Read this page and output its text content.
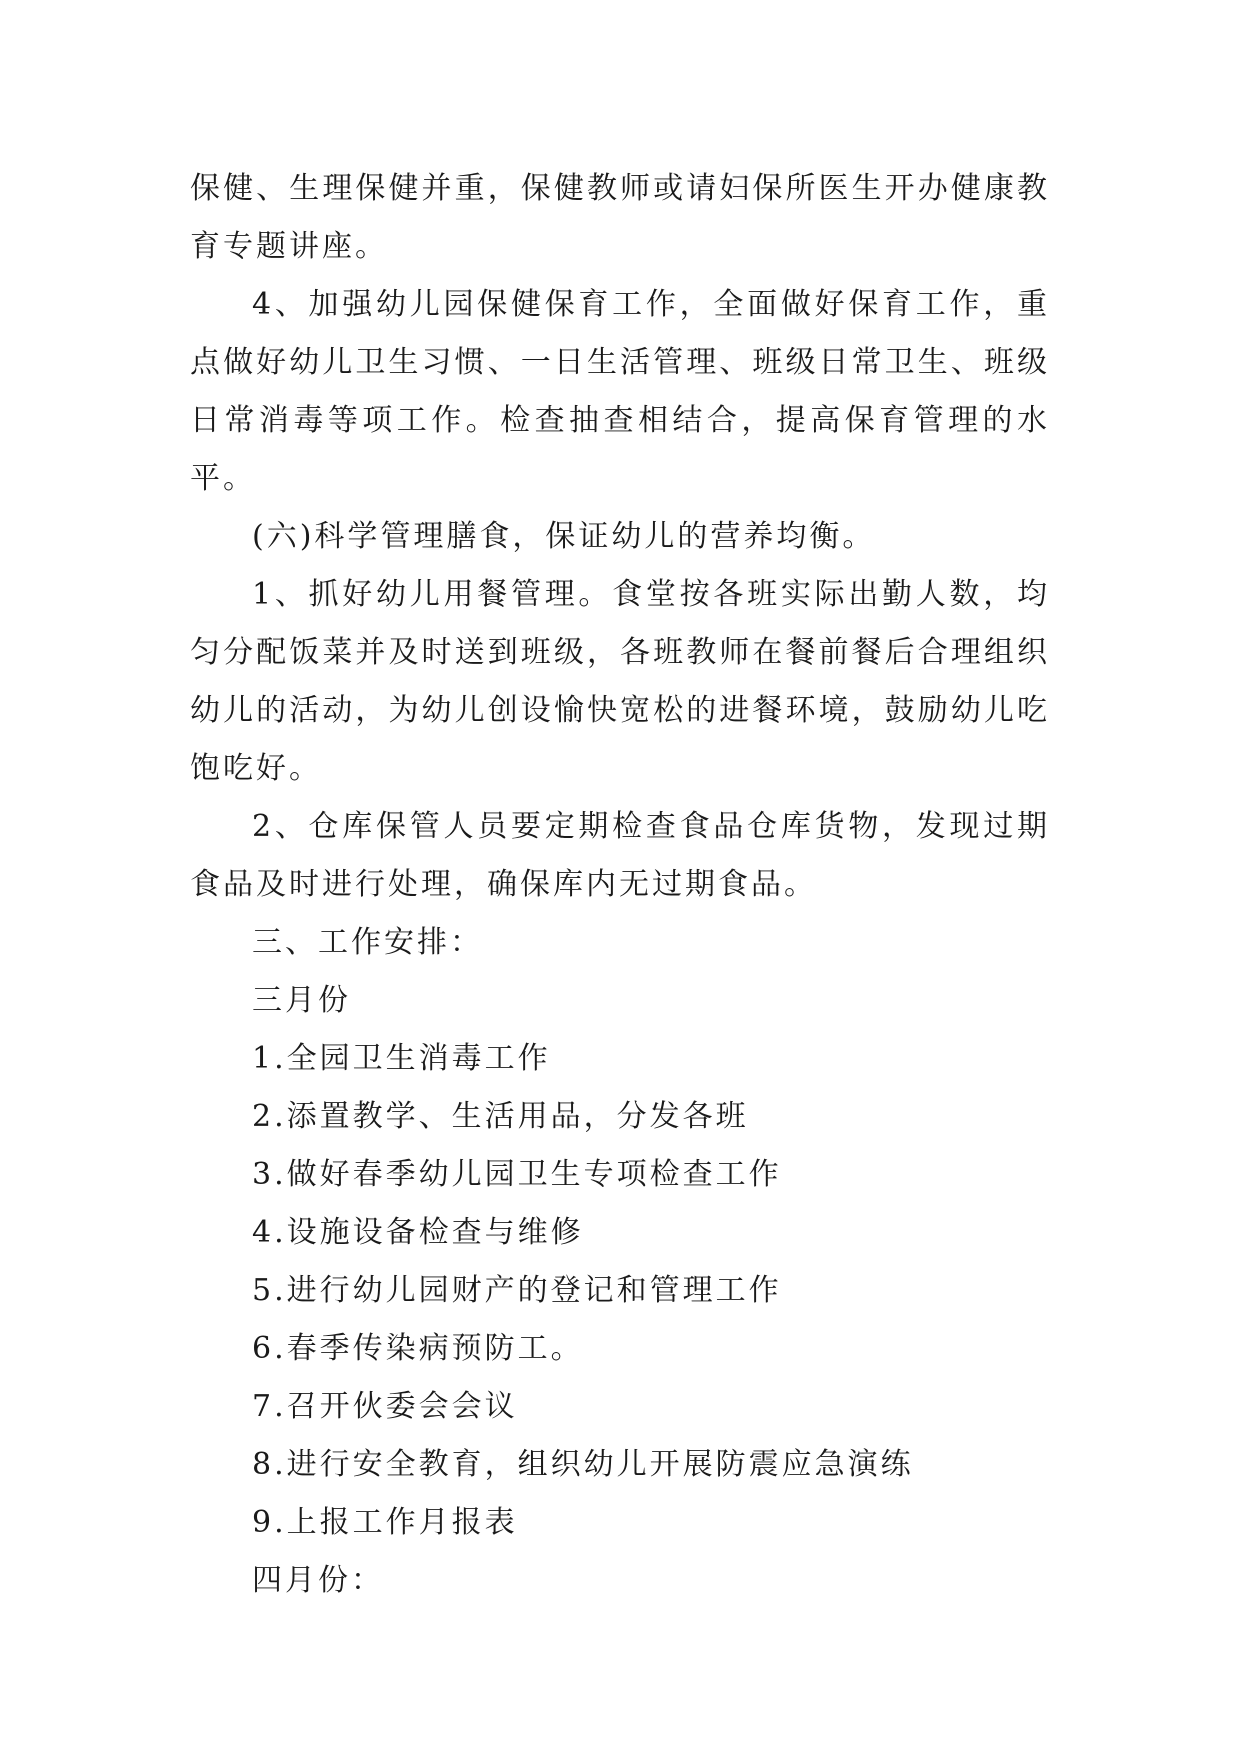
保健、生理保健并重，保健教师或请妇保所医生开办健康教育专题讲座。

4、加强幼儿园保健保育工作，全面做好保育工作，重点做好幼儿卫生习惯、一日生活管理、班级日常卫生、班级日常消毒等项工作。检查抽查相结合，提高保育管理的水平。

(六)科学管理膳食，保证幼儿的营养均衡。

1、抓好幼儿用餐管理。食堂按各班实际出勤人数，均匀分配饭菜并及时送到班级，各班教师在餐前餐后合理组织幼儿的活动，为幼儿创设愉快宽松的进餐环境，鼓励幼儿吃饱吃好。

2、仓库保管人员要定期检查食品仓库货物，发现过期食品及时进行处理，确保库内无过期食品。

三、工作安排：

三月份

1.全园卫生消毒工作

2.添置教学、生活用品，分发各班

3.做好春季幼儿园卫生专项检查工作

4.设施设备检查与维修

5.进行幼儿园财产的登记和管理工作

6.春季传染病预防工。

7.召开伙委会会议

8.进行安全教育，组织幼儿开展防震应急演练

9.上报工作月报表

四月份：
